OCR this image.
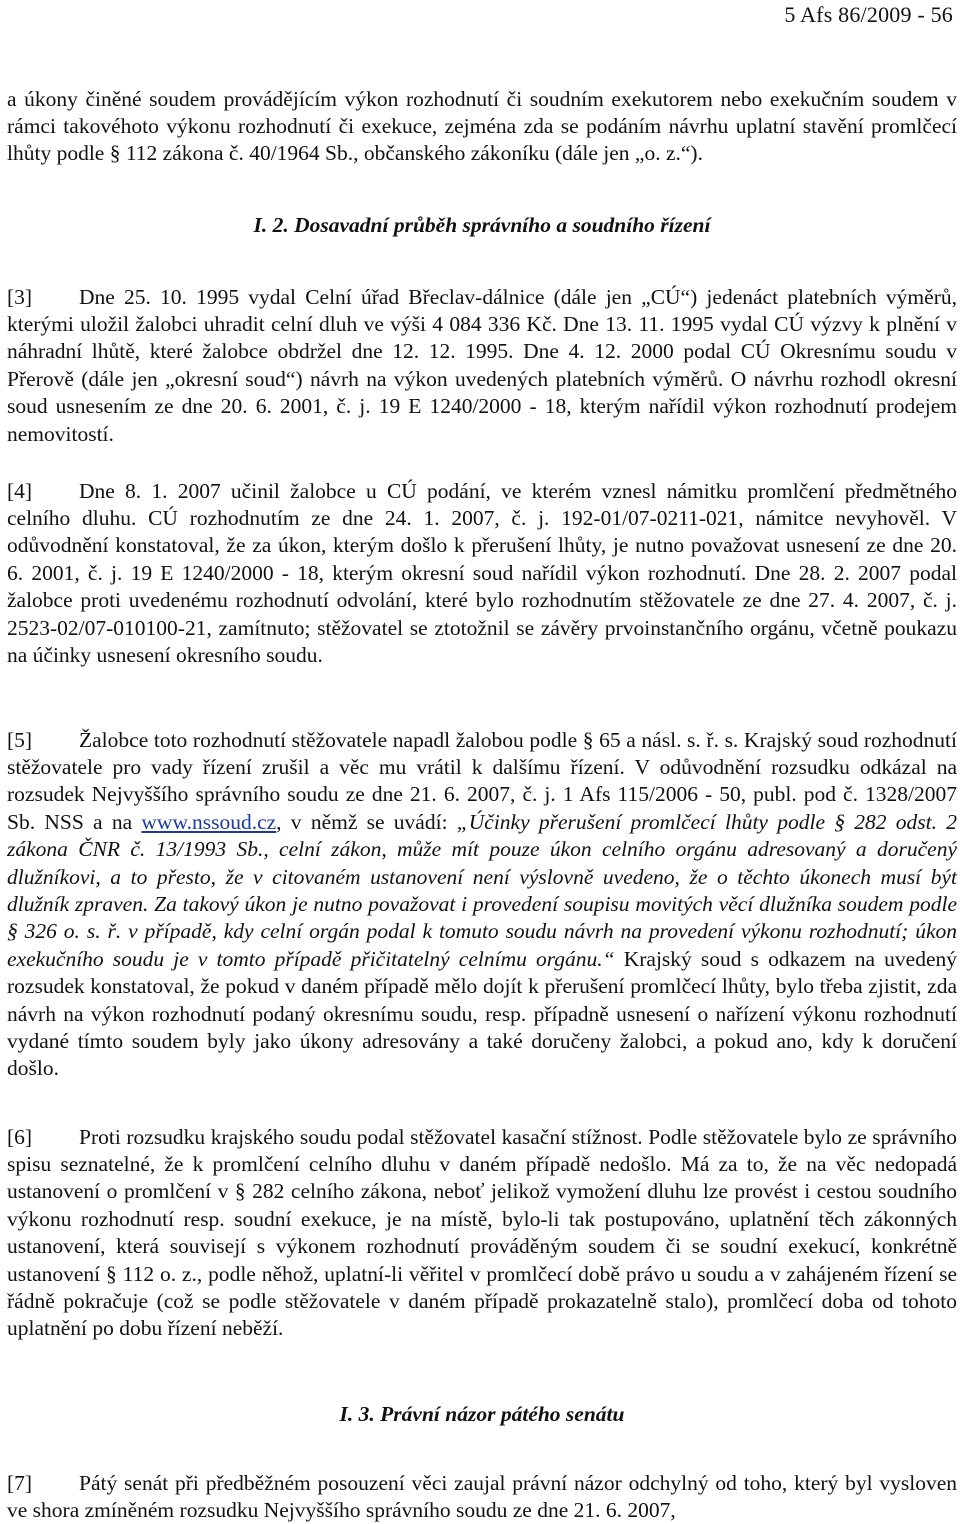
5 Afs 86/2009 - 56

a úkony činěné soudem provádějícím výkon rozhodnutí či soudním exekutorem nebo exekučním soudem v rámci takovéhoto výkonu rozhodnutí či exekuce, zejména zda se podáním návrhu uplatní stavění promlčecí lhůty podle § 112 zákona č. 40/1964 Sb., občanského zákoníku (dále jen „o. z.“).

I. 2. Dosavadní průběh správního a soudního řízení

[3] Dne 25. 10. 1995 vydal Celní úřad Břeclav-dálnice (dále jen „CÚ“) jedenáct platebních výměrů, kterými uložil žalobci uhradit celní dluh ve výši 4 084 336 Kč. Dne 13. 11. 1995 vydal CÚ výzvy k plnění v náhradní lhůtě, které žalobce obdržel dne 12. 12. 1995. Dne 4. 12. 2000 podal CÚ Okresnímu soudu v Přerově (dále jen „okresní soud“) návrh na výkon uvedených platebních výměrů. O návrhu rozhodl okresní soud usnesením ze dne 20. 6. 2001, č. j. 19 E 1240/2000 - 18, kterým nařídil výkon rozhodnutí prodejem nemovitostí.

[4] Dne 8. 1. 2007 učinil žalobce u CÚ podání, ve kterém vznesl námitku promlčení předmětného celního dluhu. CÚ rozhodnutím ze dne 24. 1. 2007, č. j. 192-01/07-0211-021, námitce nevyhověl. V odůvodnění konstatoval, že za úkon, kterým došlo k přerušení lhůty, je nutno považovat usnesení ze dne 20. 6. 2001, č. j. 19 E 1240/2000 - 18, kterým okresní soud nařídil výkon rozhodnutí. Dne 28. 2. 2007 podal žalobce proti uvedenému rozhodnutí odvolání, které bylo rozhodnutím stěžovatele ze dne 27. 4. 2007, č. j. 2523-02/07-010100-21, zamítnuto; stěžovatel se ztotožnil se závěry prvoinstančního orgánu, včetně poukazu na účinky usnesení okresního soudu.

[5] Žalobce toto rozhodnutí stěžovatele napadl žalobou podle § 65 a násl. s. ř. s. Krajský soud rozhodnutí stěžovatele pro vady řízení zrušil a věc mu vrátil k dalšímu řízení. V odůvodnění rozsudku odkázal na rozsudek Nejvyššího správního soudu ze dne 21. 6. 2007, č. j. 1 Afs 115/2006 - 50, publ. pod č. 1328/2007 Sb. NSS a na www.nssoud.cz, v němž se uvádí: „Účinky přerušení promlčecí lhůty podle § 282 odst. 2 zákona ČNR č. 13/1993 Sb., celní zákon, může mít pouze úkon celního orgánu adresovaný a doručený dlužníkovi, a to přesto, že v citovaném ustanovení není výslovně uvedeno, že o těchto úkonech musí být dlužník zpraven. Za takový úkon je nutno považovat i provedení soupisu movitých věcí dlužníka soudem podle § 326 o. s. ř. v případě, kdy celní orgán podal k tomuto soudu návrh na provedení výkonu rozhodnutí; úkon exekučního soudu je v tomto případě přičitatelný celnímu orgánu.“ Krajský soud s odkazem na uvedený rozsudek konstatoval, že pokud v daném případě mělo dojít k přerušení promlčecí lhůty, bylo třeba zjistit, zda návrh na výkon rozhodnutí podaný okresnímu soudu, resp. případně usnesení o nařízení výkonu rozhodnutí vydané tímto soudem byly jako úkony adresovány a také doručeny žalobci, a pokud ano, kdy k doručení došlo.

[6] Proti rozsudku krajského soudu podal stěžovatel kasační stížnost. Podle stěžovatele bylo ze správního spisu seznatelné, že k promlčení celního dluhu v daném případě nedošlo. Má za to, že na věc nedopadá ustanovení o promlčení v § 282 celního zákona, neboť jelikož vymožení dluhu lze provést i cestou soudního výkonu rozhodnutí resp. soudní exekuce, je na místě, bylo-li tak postupováno, uplatnění těch zákonných ustanovení, která souvisejí s výkonem rozhodnutí prováděným soudem či se soudní exekucí, konkrétně ustanovení § 112 o. z., podle něhož, uplatní-li věřitel v promlčecí době právo u soudu a v zahájeném řízení se řádně pokračuje (což se podle stěžovatele v daném případě prokazatelně stalo), promlčecí doba od tohoto uplatnění po dobu řízení neběží.

I. 3. Právní názor pátého senátu

[7] Pátý senát při předběžném posouzení věci zaujal právní názor odchylný od toho, který byl vysloven ve shora zmíněném rozsudku Nejvyššího správního soudu ze dne 21. 6. 2007,
